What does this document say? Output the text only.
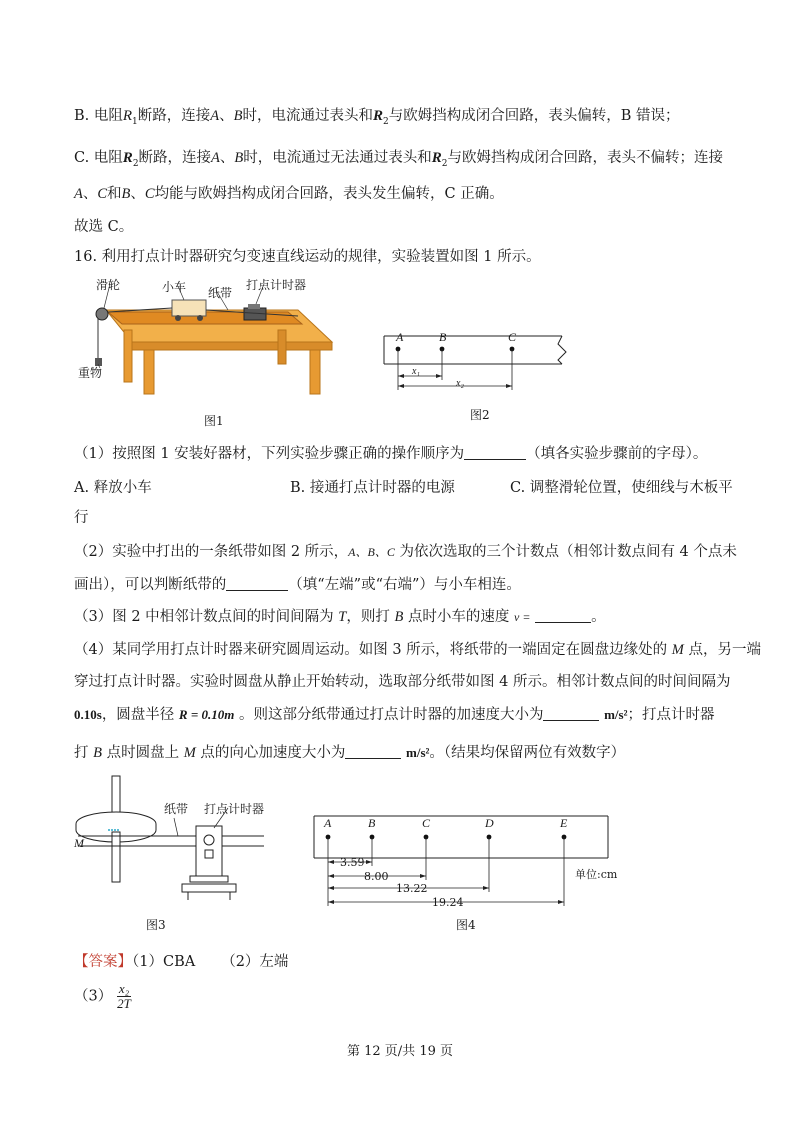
B. 电阻$R_1$断路，连接A、B时，电流通过表头和$R_2$与欧姆挡构成闭合回路，表头偏转，B 错误；
C. 电阻$R_2$断路，连接A、B时，电流通过无法通过表头和$R_2$与欧姆挡构成闭合回路，表头不偏转；连接
A、C和B、C均能与欧姆挡构成闭合回路，表头发生偏转，C 正确。
故选 C。
16. 利用打点计时器研究匀变速直线运动的规律，实验装置如图 1 所示。
滑轮	小车 纸带
打点计时器
重物
图1
A	B	C
x₁
x₂
图2
（1）按照图 1 安装好器材，下列实验步骤正确的操作顺序为	（填各实验步骤前的字母）。
A. 释放小车	B. 接通打点计时器的电源	C. 调整滑轮位置，使细线与木板平
行
（2）实验中打出的一条纸带如图 2 所示，A、B、C 为依次选取的三个计数点（相邻计数点间有 4 个点未
画出），可以判断纸带的	（填“左端”或“右端”）与小车相连。
（3）图 2 中相邻计数点间的时间间隔为 T，则打 B 点时小车的速度 v =	。
（4）某同学用打点计时器来研究圆周运动。如图 3 所示，将纸带的一端固定在圆盘边缘处的 M 点，另一端
穿过打点计时器。实验时圆盘从静止开始转动，选取部分纸带如图 4 所示。相邻计数点间的时间间隔为
0.10s，圆盘半径 R = 0.10m 。则这部分纸带通过打点计时器的加速度大小为	m/s²；打点计时器
打 B 点时圆盘上 M 点的向心加速度大小为	m/s²。（结果均保留两位有效数字）
纸带 打点计时器
M
图3
A	B	C	D	E
3.59
8.00
13.22
19.24
单位:cm
图4
【答案】（1）CBA （2）左端
$(3) \frac{\text{x₂}}{2T}$
第 12 页/共 19 页
